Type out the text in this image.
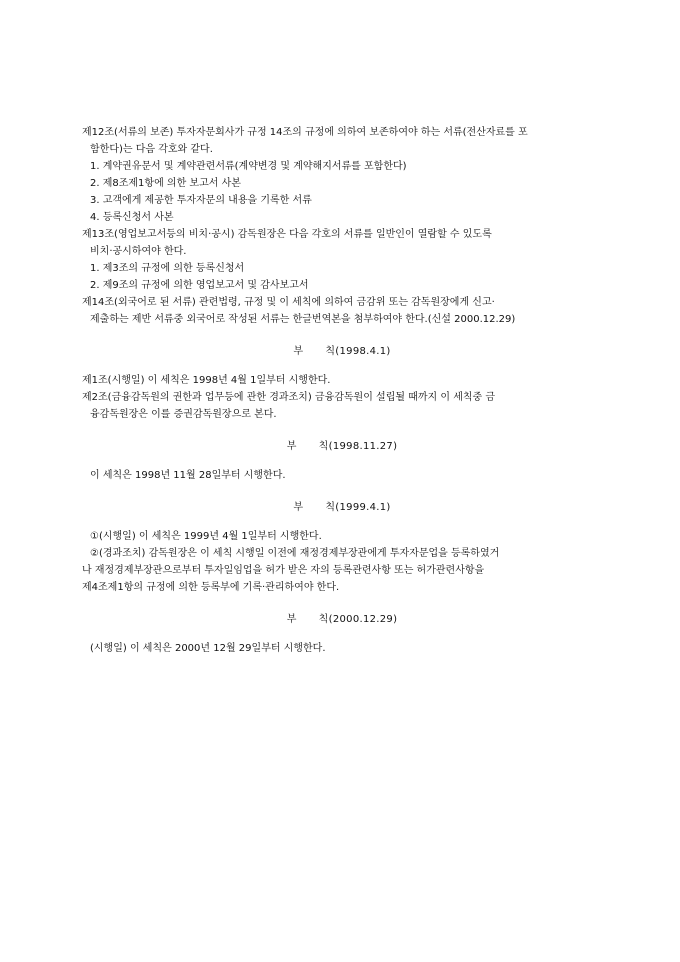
제12조(서류의 보존) 투자자문회사가 규정 14조의 규정에 의하여 보존하여야 하는 서류(전산자료를 포
함한다)는 다음 각호와 같다.
1. 계약권유문서 및 계약관련서류(계약변경 및 계약해지서류를 포함한다)
2. 제8조제1항에 의한 보고서 사본
3. 고객에게 제공한 투자자문의 내용을 기록한 서류
4. 등록신청서 사본
제13조(영업보고서등의 비치·공시) 감독원장은 다음 각호의 서류를 일반인이 열람할 수 있도록
비치·공시하여야 한다.
1. 제3조의 규정에 의한 등록신청서
2. 제9조의 규정에 의한 영업보고서 및 감사보고서
제14조(외국어로 된 서류) 관련법령, 규정 및 이 세칙에 의하여 금감위 또는 감독원장에게 신고·
제출하는 제반 서류중 외국어로 작성된 서류는 한글번역본을 첨부하여야 한다.(신설 2000.12.29)
부 칙(1998.4.1)
제1조(시행일) 이 세칙은 1998년 4월 1일부터 시행한다.
제2조(금융감독원의 권한과 업무등에 관한 경과조치) 금융감독원이 설립될 때까지 이 세칙중 금
융감독원장은 이를 증권감독원장으로 본다.
부 칙(1998.11.27)
이 세칙은 1998년 11월 28일부터 시행한다.
부 칙(1999.4.1)
①(시행일) 이 세칙은 1999년 4월 1일부터 시행한다.
②(경과조치) 감독원장은 이 세칙 시행일 이전에 재정경제부장관에게 투자자문업을 등록하였거
나 재정경제부장관으로부터 투자일임업을 허가 받은 자의 등록관련사항 또는 허가관련사항을
제4조제1항의 규정에 의한 등록부에 기록·관리하여야 한다.
부 칙(2000.12.29)
(시행일) 이 세칙은 2000년 12월 29일부터 시행한다.
